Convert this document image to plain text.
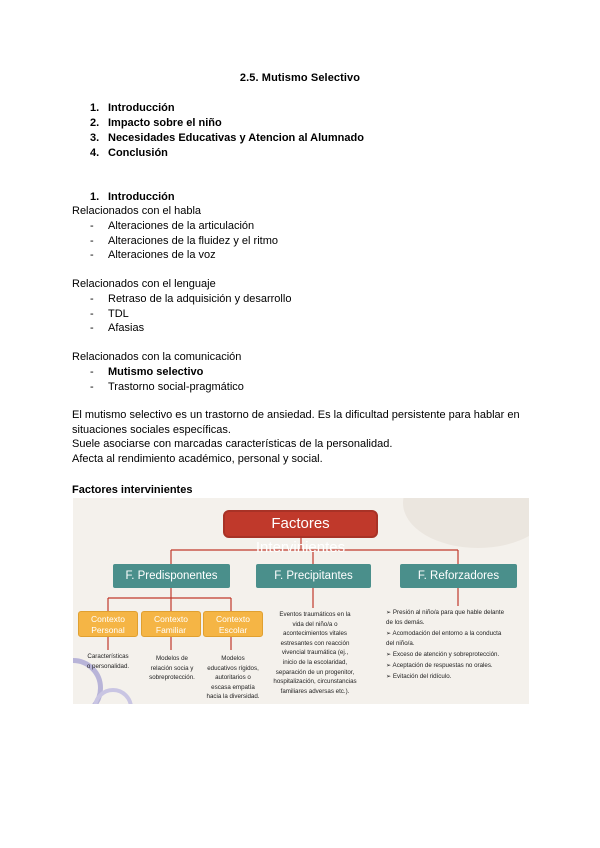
2.5. Mutismo Selectivo
1. Introducción
2. Impacto sobre el niño
3. Necesidades Educativas y Atencion al Alumnado
4. Conclusión
1. Introducción
Relacionados con el habla
-	Alteraciones de la articulación
-	Alteraciones de la fluidez y el ritmo
-	Alteraciones de la voz
Relacionados con el lenguaje
-	Retraso de la adquisición y desarrollo
-	TDL
-	Afasias
Relacionados con la comunicación
-	Mutismo selectivo
-	Trastorno social-pragmático
El mutismo selectivo es un trastorno de ansiedad. Es la dificultad persistente para hablar en
situaciones sociales específicas.
Suele asociarse con marcadas características de la personalidad.
Afecta al rendimiento académico, personal y social.
Factores intervinientes
Factores Intervinientes
F. Predisponentes	F. Precipitantes	F. Reforzadores
Contexto
Personal
Contexto
Familiar
Contexto
Escolar
Características
o personalidad.
Modelos de
relación socia y
sobreprotección.
Modelos
educativos rígidos,
autoritarios o
escasa empatía
hacia la diversidad.
Eventos traumáticos en la
vida del niño/a o
acontecimientos vitales
estresantes con reacción
vivencial traumática (ej.,
inicio de la escolaridad,
separación de un progenitor,
hospitalización, circunstancias
familiares adversas etc.).
➢ Presión al niño/a para que hable delante
de los demás.
➢ Acomodación del entorno a la conducta
del niño/a.
➢ Exceso de atención y sobreprotección.
➢ Aceptación de respuestas no orales.
➢ Evitación del ridículo.
